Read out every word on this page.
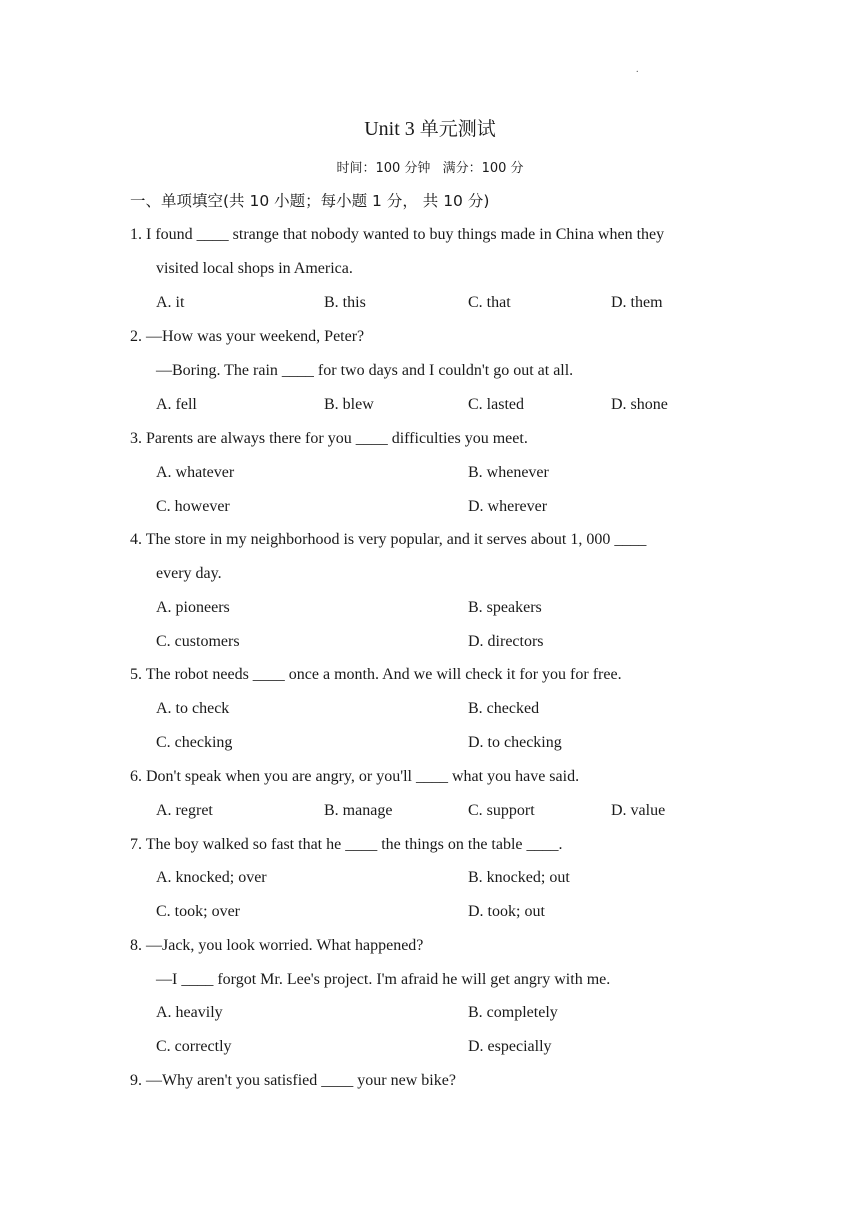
.
Unit 3 单元测试
时间：100 分钟 满分：100 分
一、单项填空(共 10 小题；每小题 1 分， 共 10 分)
1. I found ____ strange that nobody wanted to buy things made in China when they
visited local shops in America.
A. it	B. this	C. that	D. them
2. —How was your weekend, Peter?
—Boring. The rain ____ for two days and I couldn't go out at all.
A. fell	B. blew	C. lasted	D. shone
3. Parents are always there for you ____ difficulties you meet.
A. whatever	B. whenever
C. however	D. wherever
4. The store in my neighborhood is very popular, and it serves about 1, 000 ____
every day.
A. pioneers	B. speakers
C. customers	D. directors
5. The robot needs ____ once a month. And we will check it for you for free.
A. to check	B. checked
C. checking	D. to checking
6. Don't speak when you are angry, or you'll ____ what you have said.
A. regret	B. manage	C. support	D. value
7. The boy walked so fast that he ____ the things on the table ____.
A. knocked; over	B. knocked; out
C. took; over	D. took; out
8. —Jack, you look worried. What happened?
—I ____ forgot Mr. Lee's project. I'm afraid he will get angry with me.
A. heavily	B. completely
C. correctly	D. especially
9. —Why aren't you satisfied ____ your new bike?
